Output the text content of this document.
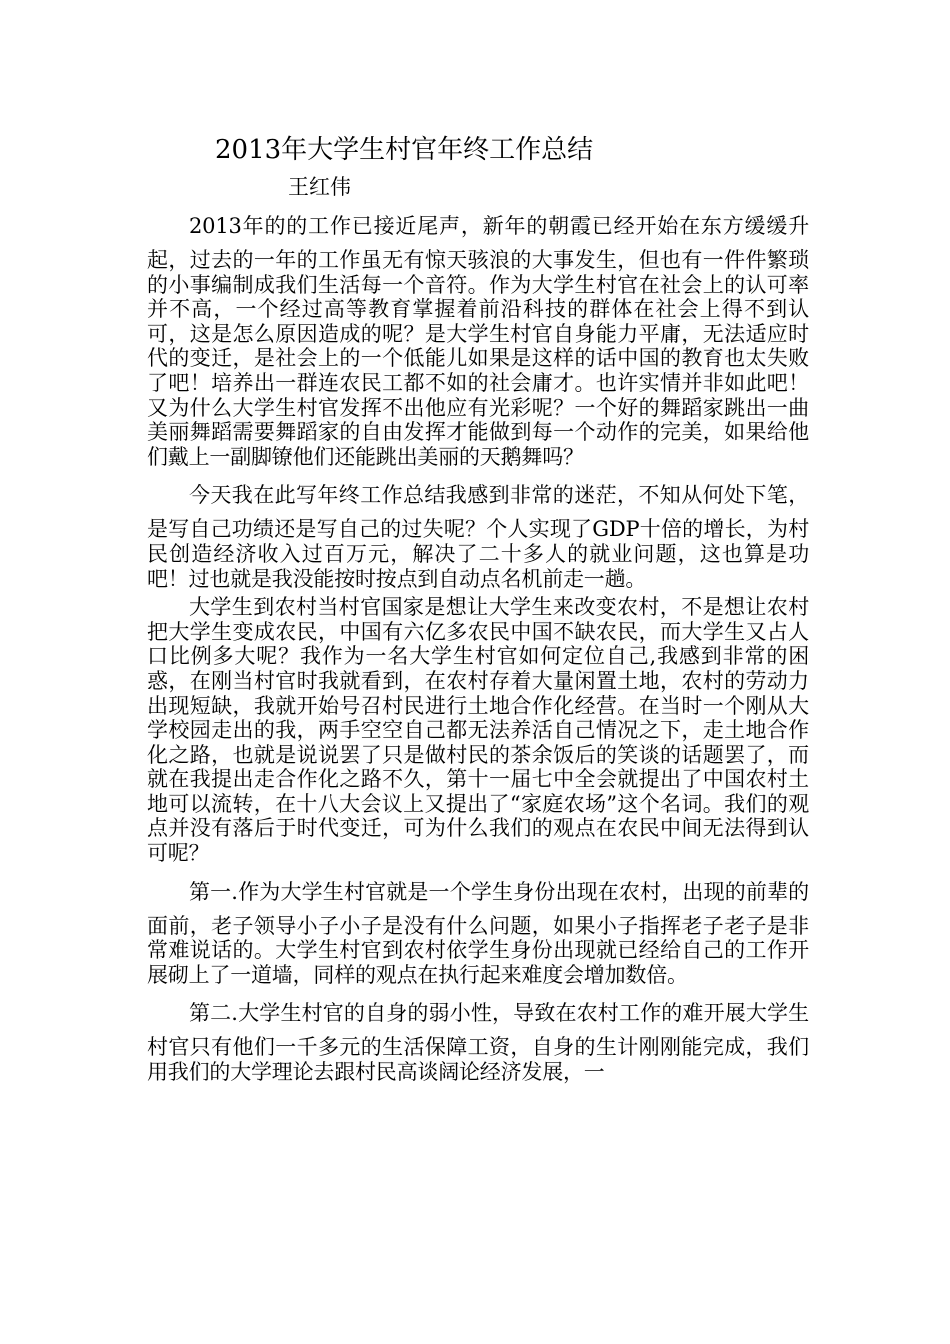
2013年大学生村官年终工作总结
王红伟

2013年的的工作已接近尾声，新年的朝霞已经开始在东方缓缓升起，过去的一年的工作虽无有惊天骇浪的大事发生，但也有一件件繁琐的小事编制成我们生活每一个音符。作为大学生村官在社会上的认可率并不高，一个经过高等教育掌握着前沿科技的群体在社会上得不到认可，这是怎么原因造成的呢？是大学生村官自身能力平庸，无法适应时代的变迁，是社会上的一个低能儿如果是这样的话中国的教育也太失败了吧！培养出一群连农民工都不如的社会庸才。也许实情并非如此吧！又为什么大学生村官发挥不出他应有光彩呢？一个好的舞蹈家跳出一曲美丽舞蹈需要舞蹈家的自由发挥才能做到每一个动作的完美，如果给他们戴上一副脚镣他们还能跳出美丽的天鹅舞吗？

今天我在此写年终工作总结我感到非常的迷茫，不知从何处下笔，是写自己功绩还是写自己的过失呢？个人实现了GDP十倍的增长，为村民创造经济收入过百万元，解决了二十多人的就业问题，这也算是功吧！过也就是我没能按时按点到自动点名机前走一趟。

大学生到农村当村官国家是想让大学生来改变农村，不是想让农村把大学生变成农民，中国有六亿多农民中国不缺农民，而大学生又占人口比例多大呢？我作为一名大学生村官如何定位自己,我感到非常的困惑，在刚当村官时我就看到，在农村存着大量闲置土地，农村的劳动力出现短缺，我就开始号召村民进行土地合作化经营。在当时一个刚从大学校园走出的我，两手空空自己都无法养活自己情况之下，走土地合作化之路，也就是说说罢了只是做村民的茶余饭后的笑谈的话题罢了，而就在我提出走合作化之路不久，第十一届七中全会就提出了中国农村土地可以流转，在十八大会议上又提出了“家庭农场”这个名词。我们的观点并没有落后于时代变迁，可为什么我们的观点在农民中间无法得到认可呢？

第一.作为大学生村官就是一个学生身份出现在农村，出现的前辈的面前，老子领导小子小子是没有什么问题，如果小子指挥老子老子是非常难说话的。大学生村官到农村依学生身份出现就已经给自己的工作开展砌上了一道墙，同样的观点在执行起来难度会增加数倍。

第二.大学生村官的自身的弱小性，导致在农村工作的难开展大学生村官只有他们一千多元的生活保障工资，自身的生计刚刚能完成，我们用我们的大学理论去跟村民高谈阔论经济发展，一
